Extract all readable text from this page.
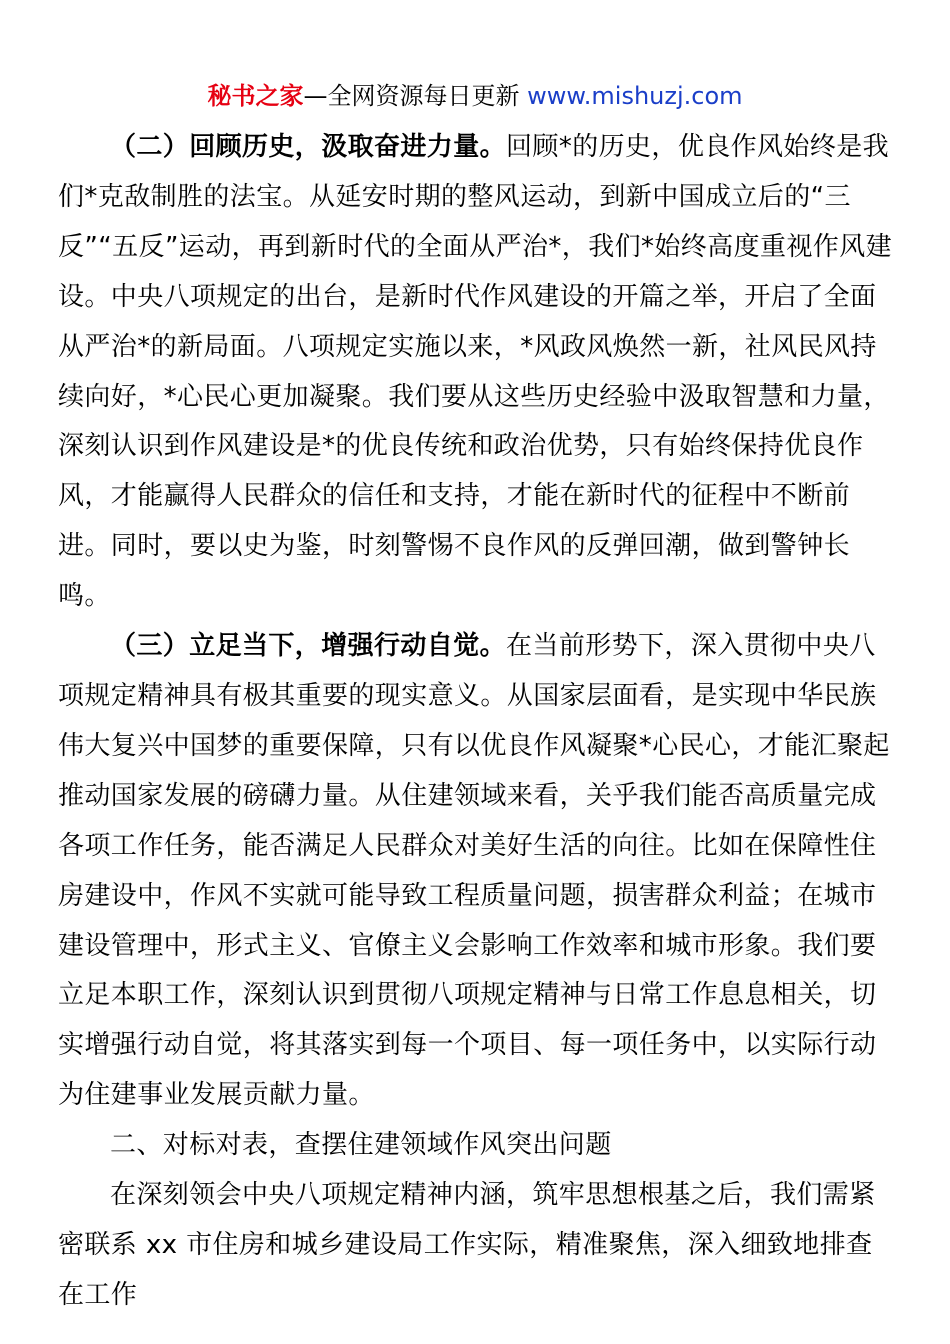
秘书之家—全网资源每日更新 www.mishuzj.com

（二）回顾历史，汲取奋进力量。回顾*的历史，优良作风始终是我们*克敌制胜的法宝。从延安时期的整风运动，到新中国成立后的“三反”“五反”运动，再到新时代的全面从严治*，我们*始终高度重视作风建设。中央八项规定的出台，是新时代作风建设的开篇之举，开启了全面从严治*的新局面。八项规定实施以来，*风政风焕然一新，社风民风持续向好，*心民心更加凝聚。我们要从这些历史经验中汲取智慧和力量，深刻认识到作风建设是*的优良传统和政治优势，只有始终保持优良作风，才能赢得人民群众的信任和支持，才能在新时代的征程中不断前进。同时，要以史为鉴，时刻警惕不良作风的反弹回潮，做到警钟长鸣。

（三）立足当下，增强行动自觉。在当前形势下，深入贯彻中央八项规定精神具有极其重要的现实意义。从国家层面看，是实现中华民族伟大复兴中国梦的重要保障，只有以优良作风凝聚*心民心，才能汇聚起推动国家发展的磅礴力量。从住建领域来看，关乎我们能否高质量完成各项工作任务，能否满足人民群众对美好生活的向往。比如在保障性住房建设中，作风不实就可能导致工程质量问题，损害群众利益；在城市建设管理中，形式主义、官僚主义会影响工作效率和城市形象。我们要立足本职工作，深刻认识到贯彻八项规定精神与日常工作息息相关，切实增强行动自觉，将其落实到每一个项目、每一项任务中，以实际行动为住建事业发展贡献力量。

二、对标对表，查摆住建领域作风突出问题

在深刻领会中央八项规定精神内涵，筑牢思想根基之后，我们需紧密联系 xx 市住房和城乡建设局工作实际，精准聚焦，深入细致地排查在工作
